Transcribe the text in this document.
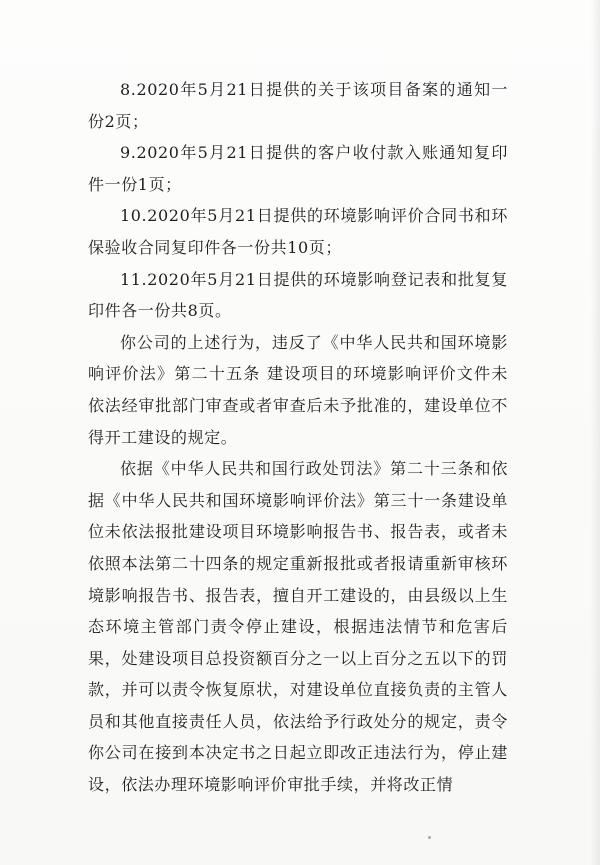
8.2020年5月21日提供的关于该项目备案的通知一份2页；

9.2020年5月21日提供的客户收付款入账通知复印件一份1页；

10.2020年5月21日提供的环境影响评价合同书和环保验收合同复印件各一份共10页；

11.2020年5月21日提供的环境影响登记表和批复复印件各一份共8页。

你公司的上述行为，违反了《中华人民共和国环境影响评价法》第二十五条 建设项目的环境影响评价文件未依法经审批部门审查或者审查后未予批准的，建设单位不得开工建设的规定。

依据《中华人民共和国行政处罚法》第二十三条和依据《中华人民共和国环境影响评价法》第三十一条建设单位未依法报批建设项目环境影响报告书、报告表，或者未依照本法第二十四条的规定重新报批或者报请重新审核环境影响报告书、报告表，擅自开工建设的，由县级以上生态环境主管部门责令停止建设，根据违法情节和危害后果，处建设项目总投资额百分之一以上百分之五以下的罚款，并可以责令恢复原状，对建设单位直接负责的主管人员和其他直接责任人员，依法给予行政处分的规定，责令你公司在接到本决定书之日起立即改正违法行为，停止建设，依法办理环境影响评价审批手续，并将改正情
